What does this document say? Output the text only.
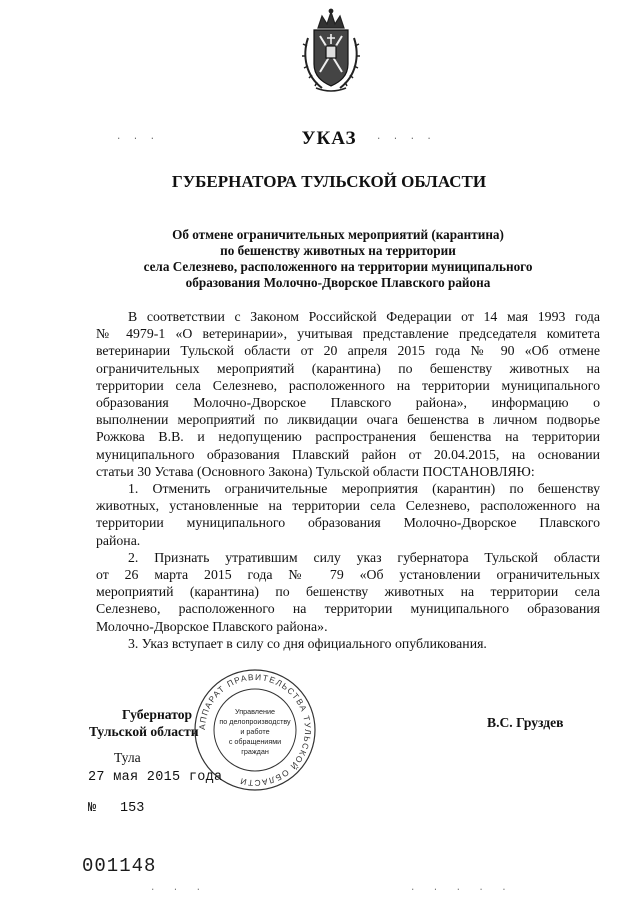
· · ·	· · · ·
УКАЗ
ГУБЕРНАТОРА ТУЛЬСКОЙ ОБЛАСТИ
Об отмене ограничительных мероприятий (карантина)
по бешенству животных на территории
села Селезнево, расположенного на территории муниципального
образования Молочно-Дворское Плавского района
В соответствии с Законом Российской Федерации от 14 мая 1993 года
№ 4979-1 «О ветеринарии», учитывая представление председателя комитета
ветеринарии Тульской области от 20 апреля 2015 года № 90 «Об отмене
ограничительных мероприятий (карантина) по бешенству животных на
территории села Селезнево, расположенного на территории муниципального
образования Молочно-Дворское Плавского района», информацию о
выполнении мероприятий по ликвидации очага бешенства в личном подворье
Рожкова В.В. и недопущению распространения бешенства на территории
муниципального образования Плавский район от 20.04.2015, на основании
статьи 30 Устава (Основного Закона) Тульской области ПОСТАНОВЛЯЮ:
1. Отменить ограничительные мероприятия (карантин) по бешенству
животных, установленные на территории села Селезнево, расположенного на
территории муниципального образования Молочно-Дворское Плавского
района.
2. Признать утратившим силу указ губернатора Тульской области
от 26 марта 2015 года № 79 «Об установлении ограничительных
мероприятий (карантина) по бешенству животных на территории села
Селезнево, расположенного на территории муниципального образования
Молочно-Дворское Плавского района».
3. Указ вступает в силу со дня официального опубликования.
АППАРАТ ПРАВИТЕЛЬСТВА ТУЛЬСКОЙ ОБЛАСТИ
Управление
по делопроизводству
и работе
с обращениями
граждан
Губернатор
Тульской области
В.С. Груздев
Тула
27 мая 2015 года
№ 153
001148
· · ·	· · · · ·
